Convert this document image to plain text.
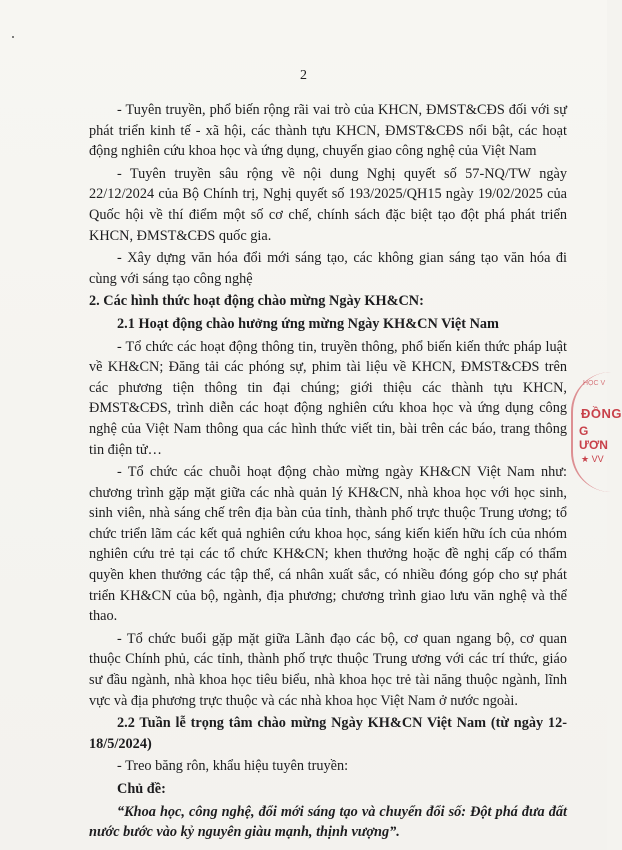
2

- Tuyên truyền, phổ biến rộng rãi vai trò của KHCN, ĐMST&CĐS đối với sự phát triển kinh tế - xã hội, các thành tựu KHCN, ĐMST&CĐS nổi bật, các hoạt động nghiên cứu khoa học và ứng dụng, chuyển giao công nghệ của Việt Nam

- Tuyên truyền sâu rộng về nội dung Nghị quyết số 57-NQ/TW ngày 22/12/2024 của Bộ Chính trị, Nghị quyết số 193/2025/QH15 ngày 19/02/2025 của Quốc hội về thí điểm một số cơ chế, chính sách đặc biệt tạo đột phá phát triển KHCN, ĐMST&CĐS quốc gia.

- Xây dựng văn hóa đổi mới sáng tạo, các không gian sáng tạo văn hóa đi cùng với sáng tạo công nghệ

2. Các hình thức hoạt động chào mừng Ngày KH&CN:

2.1 Hoạt động chào hưởng ứng mừng Ngày KH&CN Việt Nam

- Tổ chức các hoạt động thông tin, truyền thông, phổ biến kiến thức pháp luật về KH&CN; Đăng tải các phóng sự, phim tài liệu về KHCN, ĐMST&CĐS trên các phương tiện thông tin đại chúng; giới thiệu các thành tựu KHCN, ĐMST&CĐS, trình diễn các hoạt động nghiên cứu khoa học và ứng dụng công nghệ của Việt Nam thông qua các hình thức viết tin, bài trên các báo, trang thông tin điện tử…

- Tổ chức các chuỗi hoạt động chào mừng ngày KH&CN Việt Nam như: chương trình gặp mặt giữa các nhà quản lý KH&CN, nhà khoa học với học sinh, sinh viên, nhà sáng chế trên địa bàn của tỉnh, thành phố trực thuộc Trung ương; tổ chức triển lãm các kết quả nghiên cứu khoa học, sáng kiến kiến hữu ích của nhóm nghiên cứu trẻ tại các tổ chức KH&CN; khen thưởng hoặc đề nghị cấp có thẩm quyền khen thưởng các tập thể, cá nhân xuất sắc, có nhiều đóng góp cho sự phát triển KH&CN của bộ, ngành, địa phương; chương trình giao lưu văn nghệ và thể thao.

- Tổ chức buổi gặp mặt giữa Lãnh đạo các bộ, cơ quan ngang bộ, cơ quan thuộc Chính phủ, các tỉnh, thành phố trực thuộc Trung ương với các trí thức, giáo sư đầu ngành, nhà khoa học tiêu biểu, nhà khoa học trẻ tài năng thuộc ngành, lĩnh vực và địa phương trực thuộc và các nhà khoa học Việt Nam ở nước ngoài.

2.2 Tuần lễ trọng tâm chào mừng Ngày KH&CN Việt Nam (từ ngày 12-18/5/2024)

- Treo băng rôn, khẩu hiệu tuyên truyền:

Chủ đề:

“Khoa học, công nghệ, đổi mới sáng tạo và chuyển đổi số: Đột phá đưa đất nước bước vào kỷ nguyên giàu mạnh, thịnh vượng”.

HỌC V
ĐỒNG
G ƯƠN
★ VV
